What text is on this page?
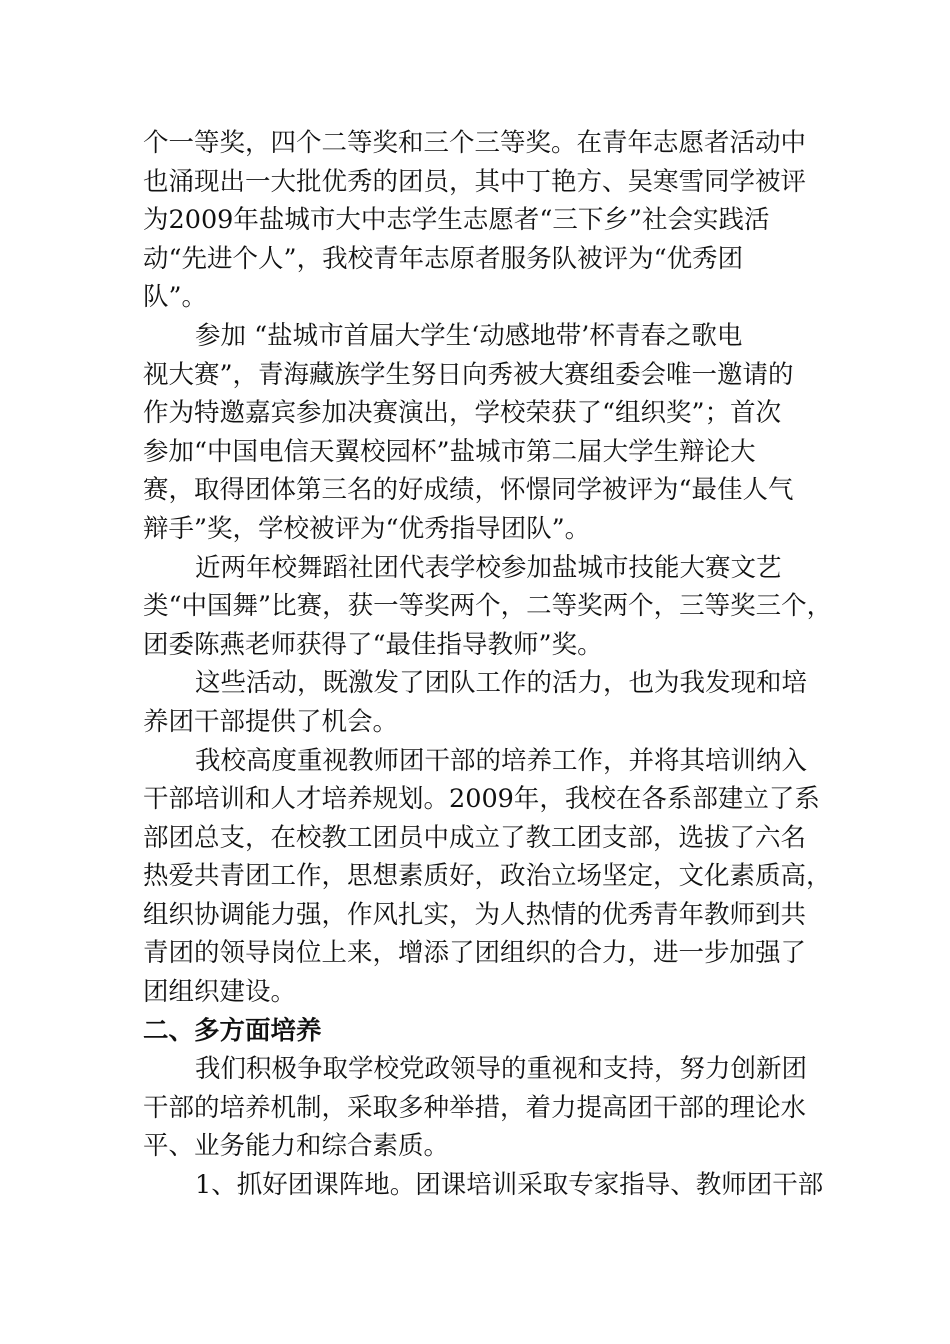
个一等奖，四个二等奖和三个三等奖。在青年志愿者活动中
也涌现出一大批优秀的团员，其中丁艳方、吴寒雪同学被评
为2009年盐城市大中志学生志愿者“三下乡”社会实践活
动“先进个人”，我校青年志原者服务队被评为“优秀团
队”。
参加 “盐城市首届大学生‘动感地带’杯青春之歌电
视大赛”，青海藏族学生努日向秀被大赛组委会唯一邀请的
作为特邀嘉宾参加决赛演出，学校荣获了“组织奖”；首次
参加“中国电信天翼校园杯”盐城市第二届大学生辩论大
赛，取得团体第三名的好成绩，怀憬同学被评为“最佳人气
辩手”奖，学校被评为“优秀指导团队”。
近两年校舞蹈社团代表学校参加盐城市技能大赛文艺
类“中国舞”比赛，获一等奖两个，二等奖两个，三等奖三个，
团委陈燕老师获得了“最佳指导教师”奖。
这些活动，既激发了团队工作的活力，也为我发现和培
养团干部提供了机会。
我校高度重视教师团干部的培养工作，并将其培训纳入
干部培训和人才培养规划。2009年，我校在各系部建立了系
部团总支，在校教工团员中成立了教工团支部，选拔了六名
热爱共青团工作，思想素质好，政治立场坚定，文化素质高，
组织协调能力强，作风扎实，为人热情的优秀青年教师到共
青团的领导岗位上来，增添了团组织的合力，进一步加强了
团组织建设。
二、多方面培养
我们积极争取学校党政领导的重视和支持，努力创新团
干部的培养机制，采取多种举措，着力提高团干部的理论水
平、业务能力和综合素质。
1、抓好团课阵地。团课培训采取专家指导、教师团干部
